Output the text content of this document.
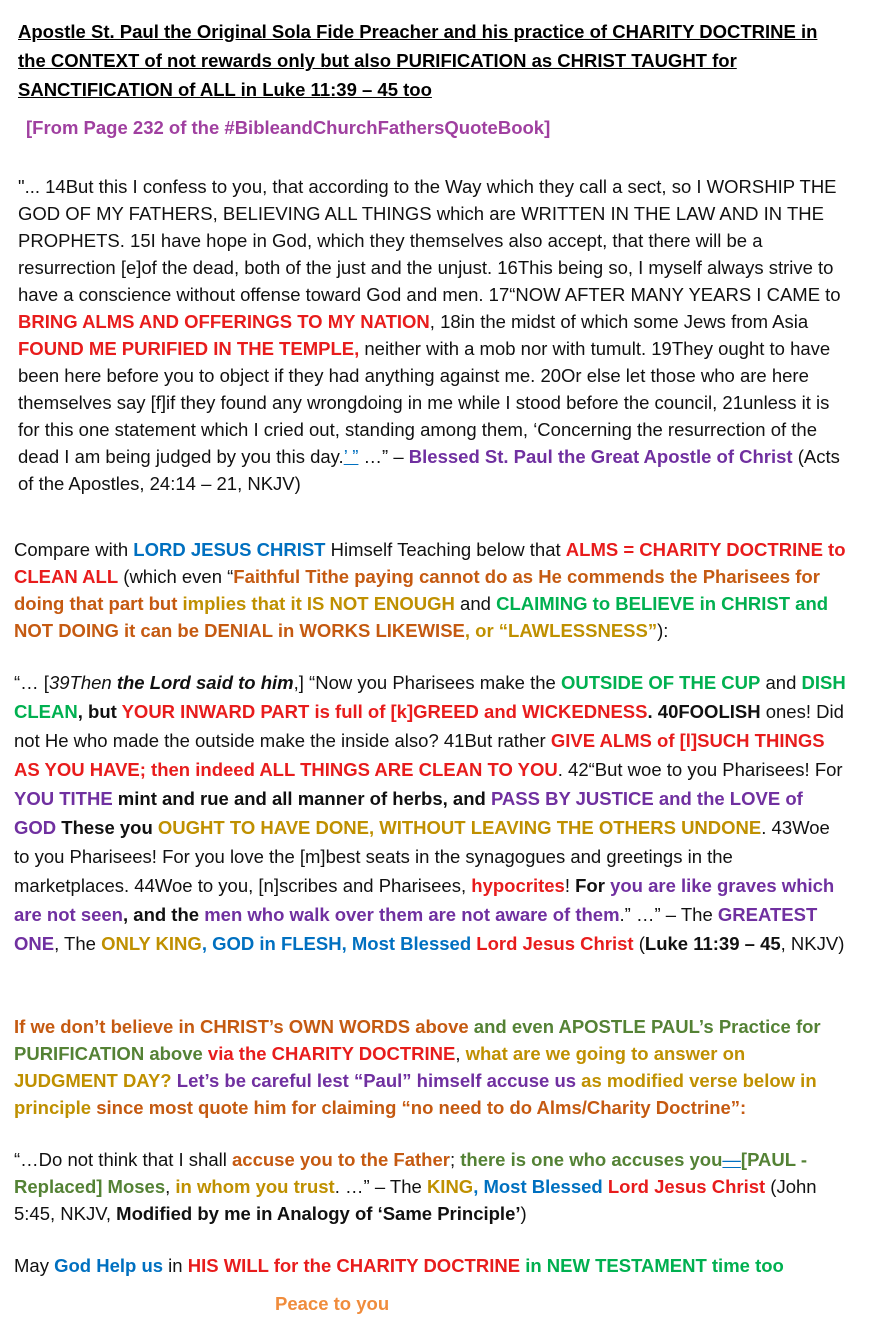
Apostle St. Paul the Original Sola Fide Preacher and his practice of CHARITY DOCTRINE in the CONTEXT of not rewards only but also PURIFICATION as CHRIST TAUGHT for SANCTIFICATION of ALL in Luke 11:39 – 45 too
[From Page 232 of the #BibleandChurchFathersQuoteBook]
"... 14But this I confess to you, that according to the Way which they call a sect, so I WORSHIP THE GOD OF MY FATHERS, BELIEVING ALL THINGS which are WRITTEN IN THE LAW AND IN THE PROPHETS. 15I have hope in God, which they themselves also accept, that there will be a resurrection [e]of the dead, both of the just and the unjust. 16This being so, I myself always strive to have a conscience without offense toward God and men. 17“NOW AFTER MANY YEARS I CAME to BRING ALMS AND OFFERINGS TO MY NATION, 18in the midst of which some Jews from Asia FOUND ME PURIFIED IN THE TEMPLE, neither with a mob nor with tumult. 19They ought to have been here before you to object if they had anything against me. 20Or else let those who are here themselves say [f]if they found any wrongdoing in me while I stood before the council, 21unless it is for this one statement which I cried out, standing among them, ‘Concerning the resurrection of the dead I am being judged by you this day.’ ” …” – Blessed St. Paul the Great Apostle of Christ (Acts of the Apostles, 24:14 – 21, NKJV)
Compare with LORD JESUS CHRIST Himself Teaching below that ALMS = CHARITY DOCTRINE to CLEAN ALL (which even “Faithful Tithe paying cannot do as He commends the Pharisees for doing that part but implies that it IS NOT ENOUGH and CLAIMING to BELIEVE in CHRIST and NOT DOING it can be DENIAL in WORKS LIKEWISE, or “LAWLESSNESS”):
“… [39Then the Lord said to him,] “Now you Pharisees make the OUTSIDE OF THE CUP and DISH CLEAN, but YOUR INWARD PART is full of [k]GREED and WICKEDNESS. 40FOOLISH ones! Did not He who made the outside make the inside also? 41But rather GIVE ALMS of [l]SUCH THINGS AS YOU HAVE; then indeed ALL THINGS ARE CLEAN TO YOU. 42“But woe to you Pharisees! For YOU TITHE mint and rue and all manner of herbs, and PASS BY JUSTICE and the LOVE of GOD These you OUGHT TO HAVE DONE, WITHOUT LEAVING THE OTHERS UNDONE. 43Woe to you Pharisees! For you love the [m]best seats in the synagogues and greetings in the marketplaces. 44Woe to you, [n]scribes and Pharisees, hypocrites! For you are like graves which are not seen, and the men who walk over them are not aware of them.” …” – The GREATEST ONE, The ONLY KING, GOD in FLESH, Most Blessed Lord Jesus Christ (Luke 11:39 – 45, NKJV)
If we don’t believe in CHRIST’s OWN WORDS above and even APOSTLE PAUL’s Practice for PURIFICATION above via the CHARITY DOCTRINE, what are we going to answer on JUDGMENT DAY? Let’s be careful lest “Paul” himself accuse us as modified verse below in principle since most quote him for claiming “no need to do Alms/Charity Doctrine”:
“…Do not think that I shall accuse you to the Father; there is one who accuses you—[PAUL -Replaced] Moses, in whom you trust. …” – The KING, Most Blessed Lord Jesus Christ (John 5:45, NKJV, Modified by me in Analogy of ‘Same Principle’)
May God Help us in HIS WILL for the CHARITY DOCTRINE in NEW TESTAMENT time too
Peace to you
